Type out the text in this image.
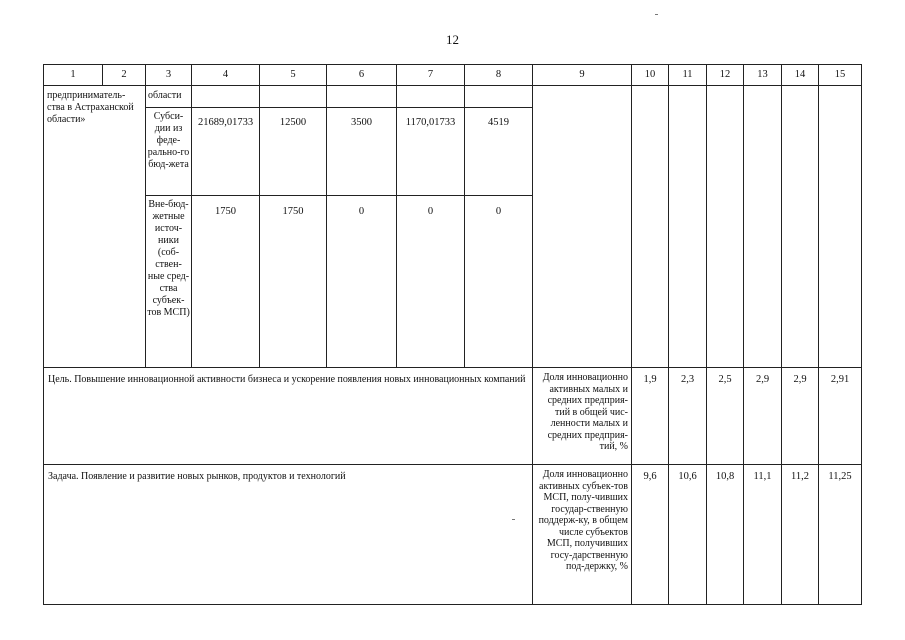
12
1	2	3	4	5	6	7	8	9	10	11	12	13	14	15
предприниматель-ства в Астраханской области»		области												
		Субси-дии из феде-рально-го бюд-жета	21689,01733	12500	3500	1170,01733	4519							
		Вне-бюд-жетные источ-ники (соб-ствен-ные сред-ства субъек-тов МСП)	1750	1750	0	0	0							
Цель. Повышение инновационной активности бизнеса и ускорение появления новых инновационных компаний								Доля инновационно активных малых и средних предприя-тий в общей чис-ленности малых и средних предприя-тий, %	1,9	2,3	2,5	2,9	2,9	2,91
Задача. Появление и развитие новых рынков, продуктов и технологий								Доля инновационно активных субъек-тов МСП, полу-чивших государ-ственную поддерж-ку, в общем числе субъектов МСП, получивших госу-дарственную под-держку, %	9,6	10,6	10,8	11,1	11,2	11,25
